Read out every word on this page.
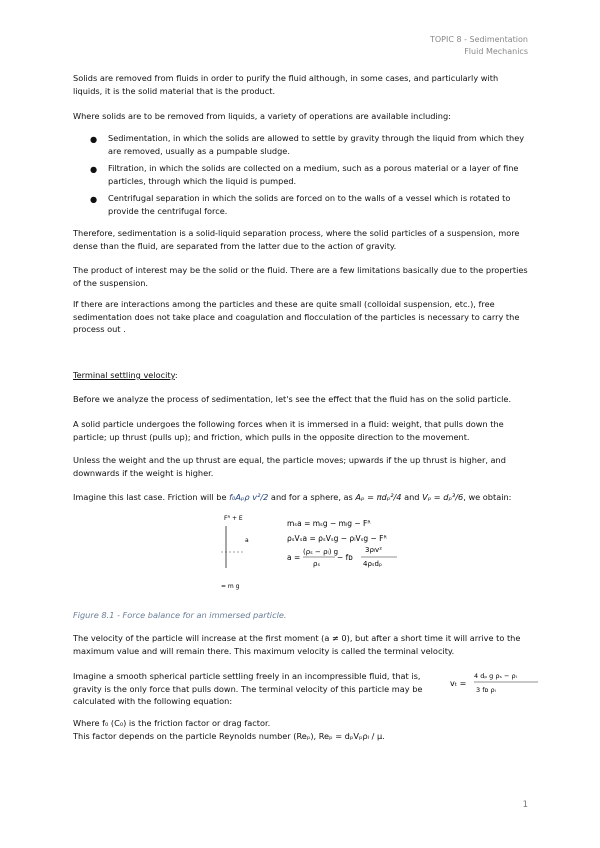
TOPIC 8 - Sedimentation
Fluid Mechanics

Solids are removed from fluids in order to purify the fluid although, in some cases, and particularly with liquids, it is the solid material that is the product.

Where solids are to be removed from liquids, a variety of operations are available including:

● Sedimentation, in which the solids are allowed to settle by gravity through the liquid from which they are removed, usually as a pumpable sludge.

● Filtration, in which the solids are collected on a medium, such as a porous material or a layer of fine particles, through which the liquid is pumped.

● Centrifugal separation in which the solids are forced on to the walls of a vessel which is rotated to provide the centrifugal force.

Therefore, sedimentation is a solid-liquid separation process, where the solid particles of a suspension, more dense than the fluid, are separated from the latter due to the action of gravity.

The product of interest may be the solid or the fluid. There are a few limitations basically due to the properties of the suspension.

If there are interactions among the particles and these are quite small (colloidal suspension, etc.), free sedimentation does not take place and coagulation and flocculation of the particles is necessary to carry the process out .

Terminal settling velocity:

Before we analyze the process of sedimentation, let's see the effect that the fluid has on the solid particle.

A solid particle undergoes the following forces when it is immersed in a fluid: weight, that pulls down the particle; up thrust (pulls up); and friction, which pulls in the opposite direction to the movement.

Unless the weight and the up thrust are equal, the particle moves; upwards if the up thrust is higher, and downwards if the weight is higher.

Imagine this last case. Friction will be f₀Aₚρ v²/2 and for a sphere, as Aₚ = πdₚ²/4 and Vₚ = dₚ³/6, we obtain:

Fᴿ + E
a
= m g
mₛa = mₛg − mₗg − Fᴿ
ρₛVₛa = ρₛVₛg − ρₗVₛg − Fᴿ
a =
(ρₛ − ρₗ) g
ρₛ
− fᴅ
3ρₗv²
4ρₛdₚ
Figure 8.1 - Force balance for an immersed particle.

The velocity of the particle will increase at the first moment (a ≠ 0), but after a short time it will arrive to the maximum value and will remain there. This maximum velocity is called the terminal velocity.

Imagine a smooth spherical particle settling freely in an incompressible fluid, that is, gravity is the only force that pulls down. The terminal velocity of this particle may be calculated with the following equation:

vₜ =
4 dₚ g ρₛ − ρₗ
3 fᴅ ρₗ

Where f₀ (C₀) is the friction factor or drag factor.

This factor depends on the particle Reynolds number (Reₚ), Reₚ = dₚVₚρₗ / μ.

1
